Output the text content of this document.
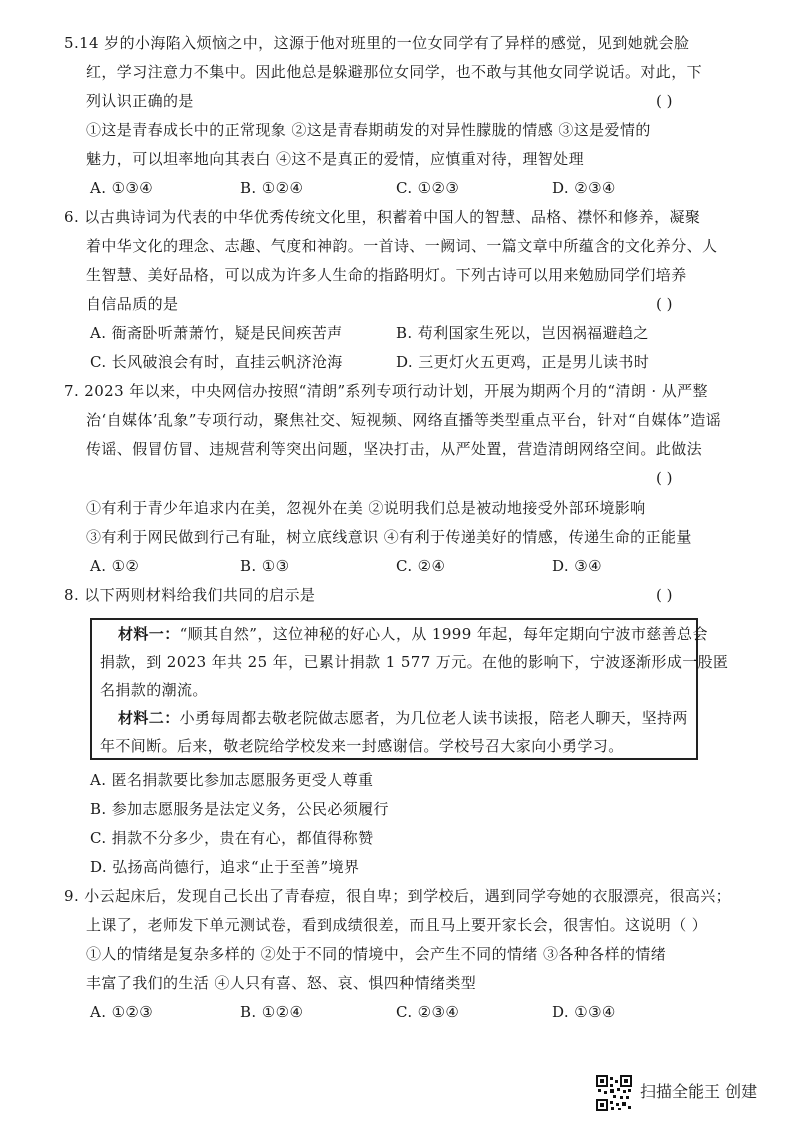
5.14 岁的小海陷入烦恼之中，这源于他对班里的一位女同学有了异样的感觉，见到她就会脸
红，学习注意力不集中。因此他总是躲避那位女同学，也不敢与其他女同学说话。对此，下
列认识正确的是	( )
①这是青春成长中的正常现象 ②这是青春期萌发的对异性朦胧的情感 ③这是爱情的
魅力，可以坦率地向其表白 ④这不是真正的爱情，应慎重对待，理智处理
A. ①③④	B. ①②④	C. ①②③	D. ②③④
6. 以古典诗词为代表的中华优秀传统文化里，积蓄着中国人的智慧、品格、襟怀和修养，凝聚
着中华文化的理念、志趣、气度和神韵。一首诗、一阙词、一篇文章中所蕴含的文化养分、人
生智慧、美好品格，可以成为许多人生命的指路明灯。下列古诗可以用来勉励同学们培养
自信品质的是	( )
A. 衙斋卧听萧萧竹，疑是民间疾苦声	B. 苟利国家生死以，岂因祸福避趋之
C. 长风破浪会有时，直挂云帆济沧海	D. 三更灯火五更鸡，正是男儿读书时
7. 2023 年以来，中央网信办按照“清朗”系列专项行动计划，开展为期两个月的“清朗 · 从严整
治‘自媒体’乱象”专项行动，聚焦社交、短视频、网络直播等类型重点平台，针对“自媒体”造谣
传谣、假冒仿冒、违规营利等突出问题，坚决打击，从严处置，营造清朗网络空间。此做法
( )
①有利于青少年追求内在美，忽视外在美 ②说明我们总是被动地接受外部环境影响
③有利于网民做到行己有耻，树立底线意识 ④有利于传递美好的情感，传递生命的正能量
A. ①②	B. ①③	C. ②④	D. ③④
8. 以下两则材料给我们共同的启示是	( )
材料一：“顺其自然”，这位神秘的好心人，从 1999 年起，每年定期向宁波市慈善总会
捐款，到 2023 年共 25 年，已累计捐款 1 577 万元。在他的影响下，宁波逐渐形成一股匿
名捐款的潮流。
材料二：小勇每周都去敬老院做志愿者，为几位老人读书读报，陪老人聊天，坚持两
年不间断。后来，敬老院给学校发来一封感谢信。学校号召大家向小勇学习。
A. 匿名捐款要比参加志愿服务更受人尊重
B. 参加志愿服务是法定义务，公民必须履行
C. 捐款不分多少，贵在有心，都值得称赞
D. 弘扬高尚德行，追求“止于至善”境界
9. 小云起床后，发现自己长出了青春痘，很自卑；到学校后，遇到同学夸她的衣服漂亮，很高兴；
上课了，老师发下单元测试卷，看到成绩很差，而且马上要开家长会，很害怕。这说明（ ）
①人的情绪是复杂多样的 ②处于不同的情境中，会产生不同的情绪 ③各种各样的情绪
丰富了我们的生活 ④人只有喜、怒、哀、惧四种情绪类型
A. ①②③	B. ①②④	C. ②③④	D. ①③④
扫描全能王 创建
